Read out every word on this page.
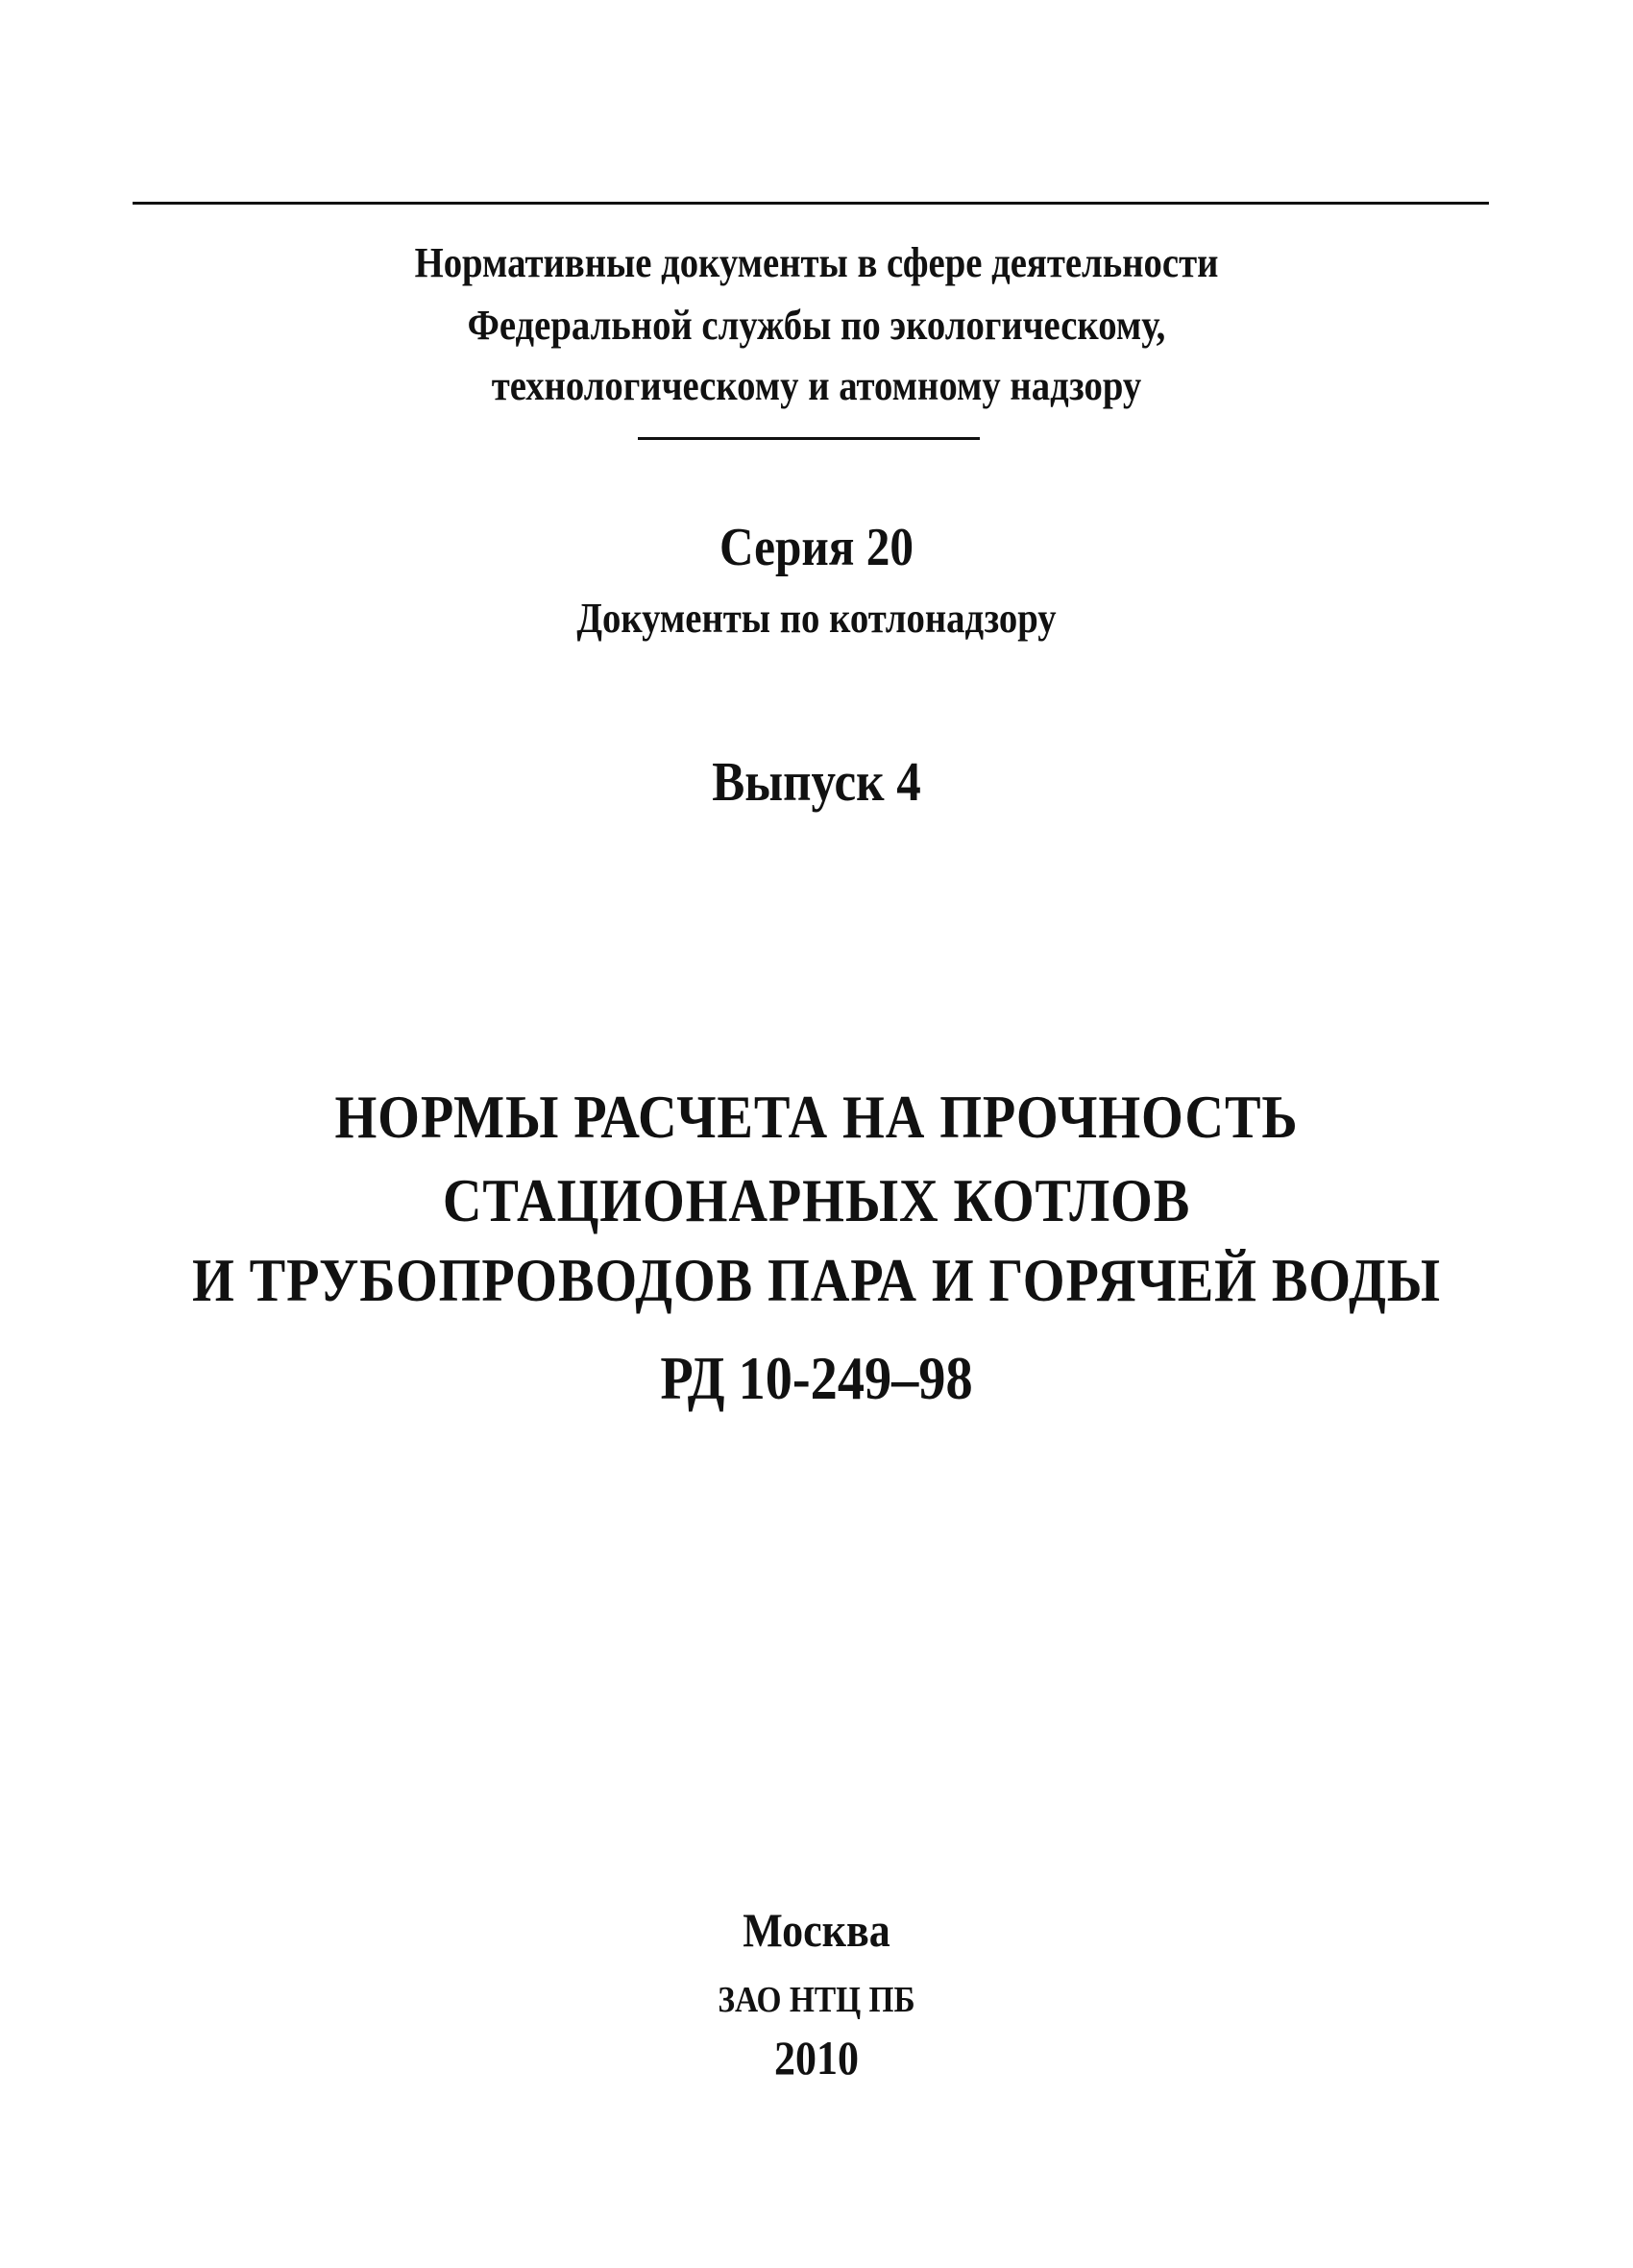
Нормативные документы в сфере деятельности
Федеральной службы по экологическому,
технологическому и атомному надзору
Серия 20
Документы по котлонадзору
Выпуск 4
НОРМЫ РАСЧЕТА НА ПРОЧНОСТЬ
СТАЦИОНАРНЫХ КОТЛОВ
И ТРУБОПРОВОДОВ ПАРА И ГОРЯЧЕЙ ВОДЫ
РД 10-249–98
Москва
ЗАО НТЦ ПБ
2010
